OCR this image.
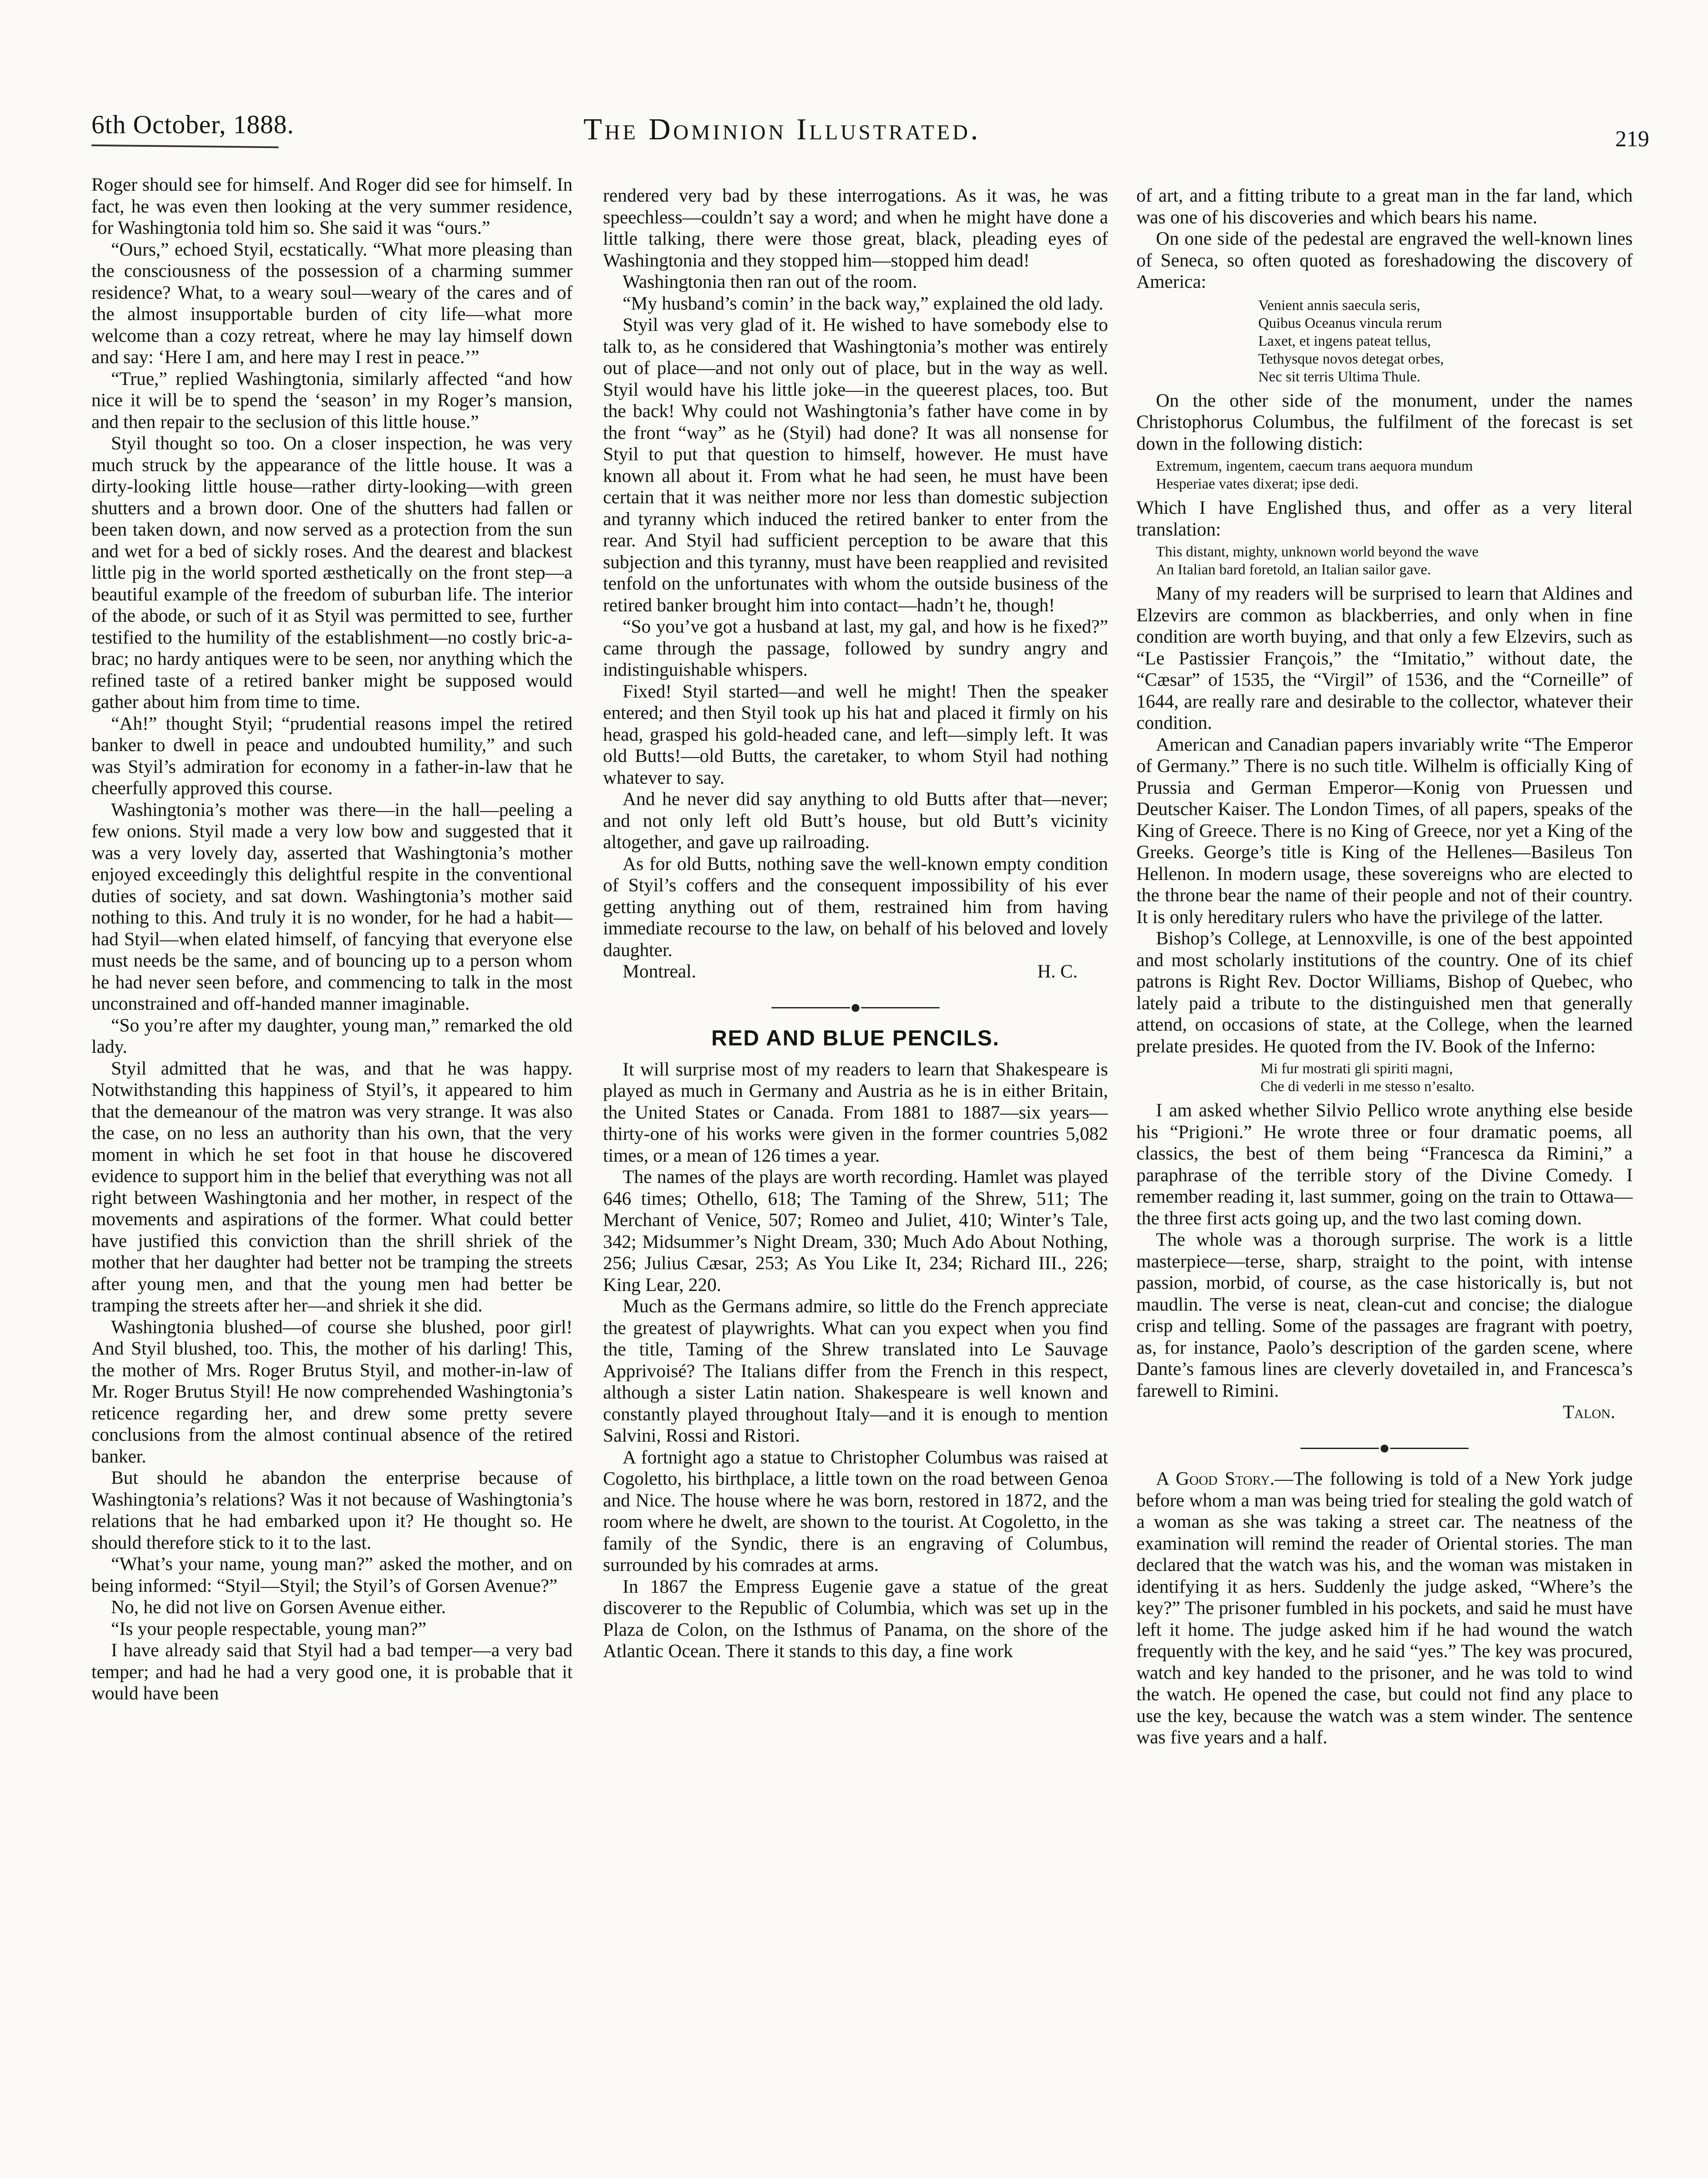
6th October, 1888.	The Dominion Illustrated.	219

Roger should see for himself. And Roger did see for himself. In fact, he was even then looking at the very summer residence, for Washingtonia told him so. She said it was “ours.”

“Ours,” echoed Styil, ecstatically. “What more pleasing than the consciousness of the possession of a charming summer residence? What, to a weary soul—weary of the cares and of the almost insupportable burden of city life—what more welcome than a cozy retreat, where he may lay himself down and say: ‘Here I am, and here may I rest in peace.’”

“True,” replied Washingtonia, similarly affected “and how nice it will be to spend the ‘season’ in my Roger’s mansion, and then repair to the seclusion of this little house.”

Styil thought so too. On a closer inspection, he was very much struck by the appearance of the little house. It was a dirty-looking little house—rather dirty-looking—with green shutters and a brown door. One of the shutters had fallen or been taken down, and now served as a protection from the sun and wet for a bed of sickly roses. And the dearest and blackest little pig in the world sported æsthetically on the front step—a beautiful example of the freedom of suburban life. The interior of the abode, or such of it as Styil was permitted to see, further testified to the humility of the establishment—no costly bric-a-brac; no hardy antiques were to be seen, nor anything which the refined taste of a retired banker might be supposed would gather about him from time to time.

“Ah!” thought Styil; “prudential reasons impel the retired banker to dwell in peace and undoubted humility,” and such was Styil’s admiration for economy in a father-in-law that he cheerfully approved this course.

Washingtonia’s mother was there—in the hall—peeling a few onions. Styil made a very low bow and suggested that it was a very lovely day, asserted that Washingtonia’s mother enjoyed exceedingly this delightful respite in the conventional duties of society, and sat down. Washingtonia’s mother said nothing to this. And truly it is no wonder, for he had a habit—had Styil—when elated himself, of fancying that everyone else must needs be the same, and of bouncing up to a person whom he had never seen before, and commencing to talk in the most unconstrained and off-handed manner imaginable.

“So you’re after my daughter, young man,” remarked the old lady.

Styil admitted that he was, and that he was happy. Notwithstanding this happiness of Styil’s, it appeared to him that the demeanour of the matron was very strange. It was also the case, on no less an authority than his own, that the very moment in which he set foot in that house he discovered evidence to support him in the belief that everything was not all right between Washingtonia and her mother, in respect of the movements and aspirations of the former. What could better have justified this conviction than the shrill shriek of the mother that her daughter had better not be tramping the streets after young men, and that the young men had better be tramping the streets after her—and shriek it she did.

Washingtonia blushed—of course she blushed, poor girl! And Styil blushed, too. This, the mother of his darling! This, the mother of Mrs. Roger Brutus Styil, and mother-in-law of Mr. Roger Brutus Styil! He now comprehended Washingtonia’s reticence regarding her, and drew some pretty severe conclusions from the almost continual absence of the retired banker.

But should he abandon the enterprise because of Washingtonia’s relations? Was it not because of Washingtonia’s relations that he had embarked upon it? He thought so. He should therefore stick to it to the last.

“What’s your name, young man?” asked the mother, and on being informed: “Styil—Styil; the Styil’s of Gorsen Avenue?”

No, he did not live on Gorsen Avenue either.

“Is your people respectable, young man?”

I have already said that Styil had a bad temper—a very bad temper; and had he had a very good one, it is probable that it would have been

rendered very bad by these interrogations. As it was, he was speechless—couldn’t say a word; and when he might have done a little talking, there were those great, black, pleading eyes of Washingtonia and they stopped him—stopped him dead!

Washingtonia then ran out of the room.

“My husband’s comin’ in the back way,” explained the old lady.

Styil was very glad of it. He wished to have somebody else to talk to, as he considered that Washingtonia’s mother was entirely out of place—and not only out of place, but in the way as well. Styil would have his little joke—in the queerest places, too. But the back! Why could not Washingtonia’s father have come in by the front “way” as he (Styil) had done? It was all nonsense for Styil to put that question to himself, however. He must have known all about it. From what he had seen, he must have been certain that it was neither more nor less than domestic subjection and tyranny which induced the retired banker to enter from the rear. And Styil had sufficient perception to be aware that this subjection and this tyranny, must have been reapplied and revisited tenfold on the unfortunates with whom the outside business of the retired banker brought him into contact—hadn’t he, though!

“So you’ve got a husband at last, my gal, and how is he fixed?” came through the passage, followed by sundry angry and indistinguishable whispers.

Fixed! Styil started—and well he might! Then the speaker entered; and then Styil took up his hat and placed it firmly on his head, grasped his gold-headed cane, and left—simply left. It was old Butts!—old Butts, the caretaker, to whom Styil had nothing whatever to say.

And he never did say anything to old Butts after that—never; and not only left old Butt’s house, but old Butt’s vicinity altogether, and gave up railroading.

As for old Butts, nothing save the well-known empty condition of Styil’s coffers and the consequent impossibility of his ever getting anything out of them, restrained him from having immediate recourse to the law, on behalf of his beloved and lovely daughter.

Montreal.	H. C.
RED AND BLUE PENCILS.

It will surprise most of my readers to learn that Shakespeare is played as much in Germany and Austria as he is in either Britain, the United States or Canada. From 1881 to 1887—six years—thirty-one of his works were given in the former countries 5,082 times, or a mean of 126 times a year.

The names of the plays are worth recording. Hamlet was played 646 times; Othello, 618; The Taming of the Shrew, 511; The Merchant of Venice, 507; Romeo and Juliet, 410; Winter’s Tale, 342; Midsummer’s Night Dream, 330; Much Ado About Nothing, 256; Julius Cæsar, 253; As You Like It, 234; Richard III., 226; King Lear, 220.

Much as the Germans admire, so little do the French appreciate the greatest of playwrights. What can you expect when you find the title, Taming of the Shrew translated into Le Sauvage Apprivoisé? The Italians differ from the French in this respect, although a sister Latin nation. Shakespeare is well known and constantly played throughout Italy—and it is enough to mention Salvini, Rossi and Ristori.

A fortnight ago a statue to Christopher Columbus was raised at Cogoletto, his birthplace, a little town on the road between Genoa and Nice. The house where he was born, restored in 1872, and the room where he dwelt, are shown to the tourist. At Cogoletto, in the family of the Syndic, there is an engraving of Columbus, surrounded by his comrades at arms.

In 1867 the Empress Eugenie gave a statue of the great discoverer to the Republic of Columbia, which was set up in the Plaza de Colon, on the Isthmus of Panama, on the shore of the Atlantic Ocean. There it stands to this day, a fine work

of art, and a fitting tribute to a great man in the far land, which was one of his discoveries and which bears his name.

On one side of the pedestal are engraved the well-known lines of Seneca, so often quoted as foreshadowing the discovery of America:

Venient annis saecula seris,
Quibus Oceanus vincula rerum
Laxet, et ingens pateat tellus,
Tethysque novos detegat orbes,
Nec sit terris Ultima Thule.

On the other side of the monument, under the names Christophorus Columbus, the fulfilment of the forecast is set down in the following distich:

Extremum, ingentem, caecum trans aequora mundum
Hesperiae vates dixerat; ipse dedi.

Which I have Englished thus, and offer as a very literal translation:

This distant, mighty, unknown world beyond the wave
An Italian bard foretold, an Italian sailor gave.

Many of my readers will be surprised to learn that Aldines and Elzevirs are common as blackberries, and only when in fine condition are worth buying, and that only a few Elzevirs, such as “Le Pastissier François,” the “Imitatio,” without date, the “Cæsar” of 1535, the “Virgil” of 1536, and the “Corneille” of 1644, are really rare and desirable to the collector, whatever their condition.

American and Canadian papers invariably write “The Emperor of Germany.” There is no such title. Wilhelm is officially King of Prussia and German Emperor—Konig von Pruessen und Deutscher Kaiser. The London Times, of all papers, speaks of the King of Greece. There is no King of Greece, nor yet a King of the Greeks. George’s title is King of the Hellenes—Basileus Ton Hellenon. In modern usage, these sovereigns who are elected to the throne bear the name of their people and not of their country. It is only hereditary rulers who have the privilege of the latter.

Bishop’s College, at Lennoxville, is one of the best appointed and most scholarly institutions of the country. One of its chief patrons is Right Rev. Doctor Williams, Bishop of Quebec, who lately paid a tribute to the distinguished men that generally attend, on occasions of state, at the College, when the learned prelate presides. He quoted from the IV. Book of the Inferno:

Mi fur mostrati gli spiriti magni,
Che di vederli in me stesso n’esalto.

I am asked whether Silvio Pellico wrote anything else beside his “Prigioni.” He wrote three or four dramatic poems, all classics, the best of them being “Francesca da Rimini,” a paraphrase of the terrible story of the Divine Comedy. I remember reading it, last summer, going on the train to Ottawa—the three first acts going up, and the two last coming down.

The whole was a thorough surprise. The work is a little masterpiece—terse, sharp, straight to the point, with intense passion, morbid, of course, as the case historically is, but not maudlin. The verse is neat, clean-cut and concise; the dialogue crisp and telling. Some of the passages are fragrant with poetry, as, for instance, Paolo’s description of the garden scene, where Dante’s famous lines are cleverly dovetailed in, and Francesca’s farewell to Rimini.

Talon.

A Good Story.—The following is told of a New York judge before whom a man was being tried for stealing the gold watch of a woman as she was taking a street car. The neatness of the examination will remind the reader of Oriental stories. The man declared that the watch was his, and the woman was mistaken in identifying it as hers. Suddenly the judge asked, “Where’s the key?” The prisoner fumbled in his pockets, and said he must have left it home. The judge asked him if he had wound the watch frequently with the key, and he said “yes.” The key was procured, watch and key handed to the prisoner, and he was told to wind the watch. He opened the case, but could not find any place to use the key, because the watch was a stem winder. The sentence was five years and a half.
